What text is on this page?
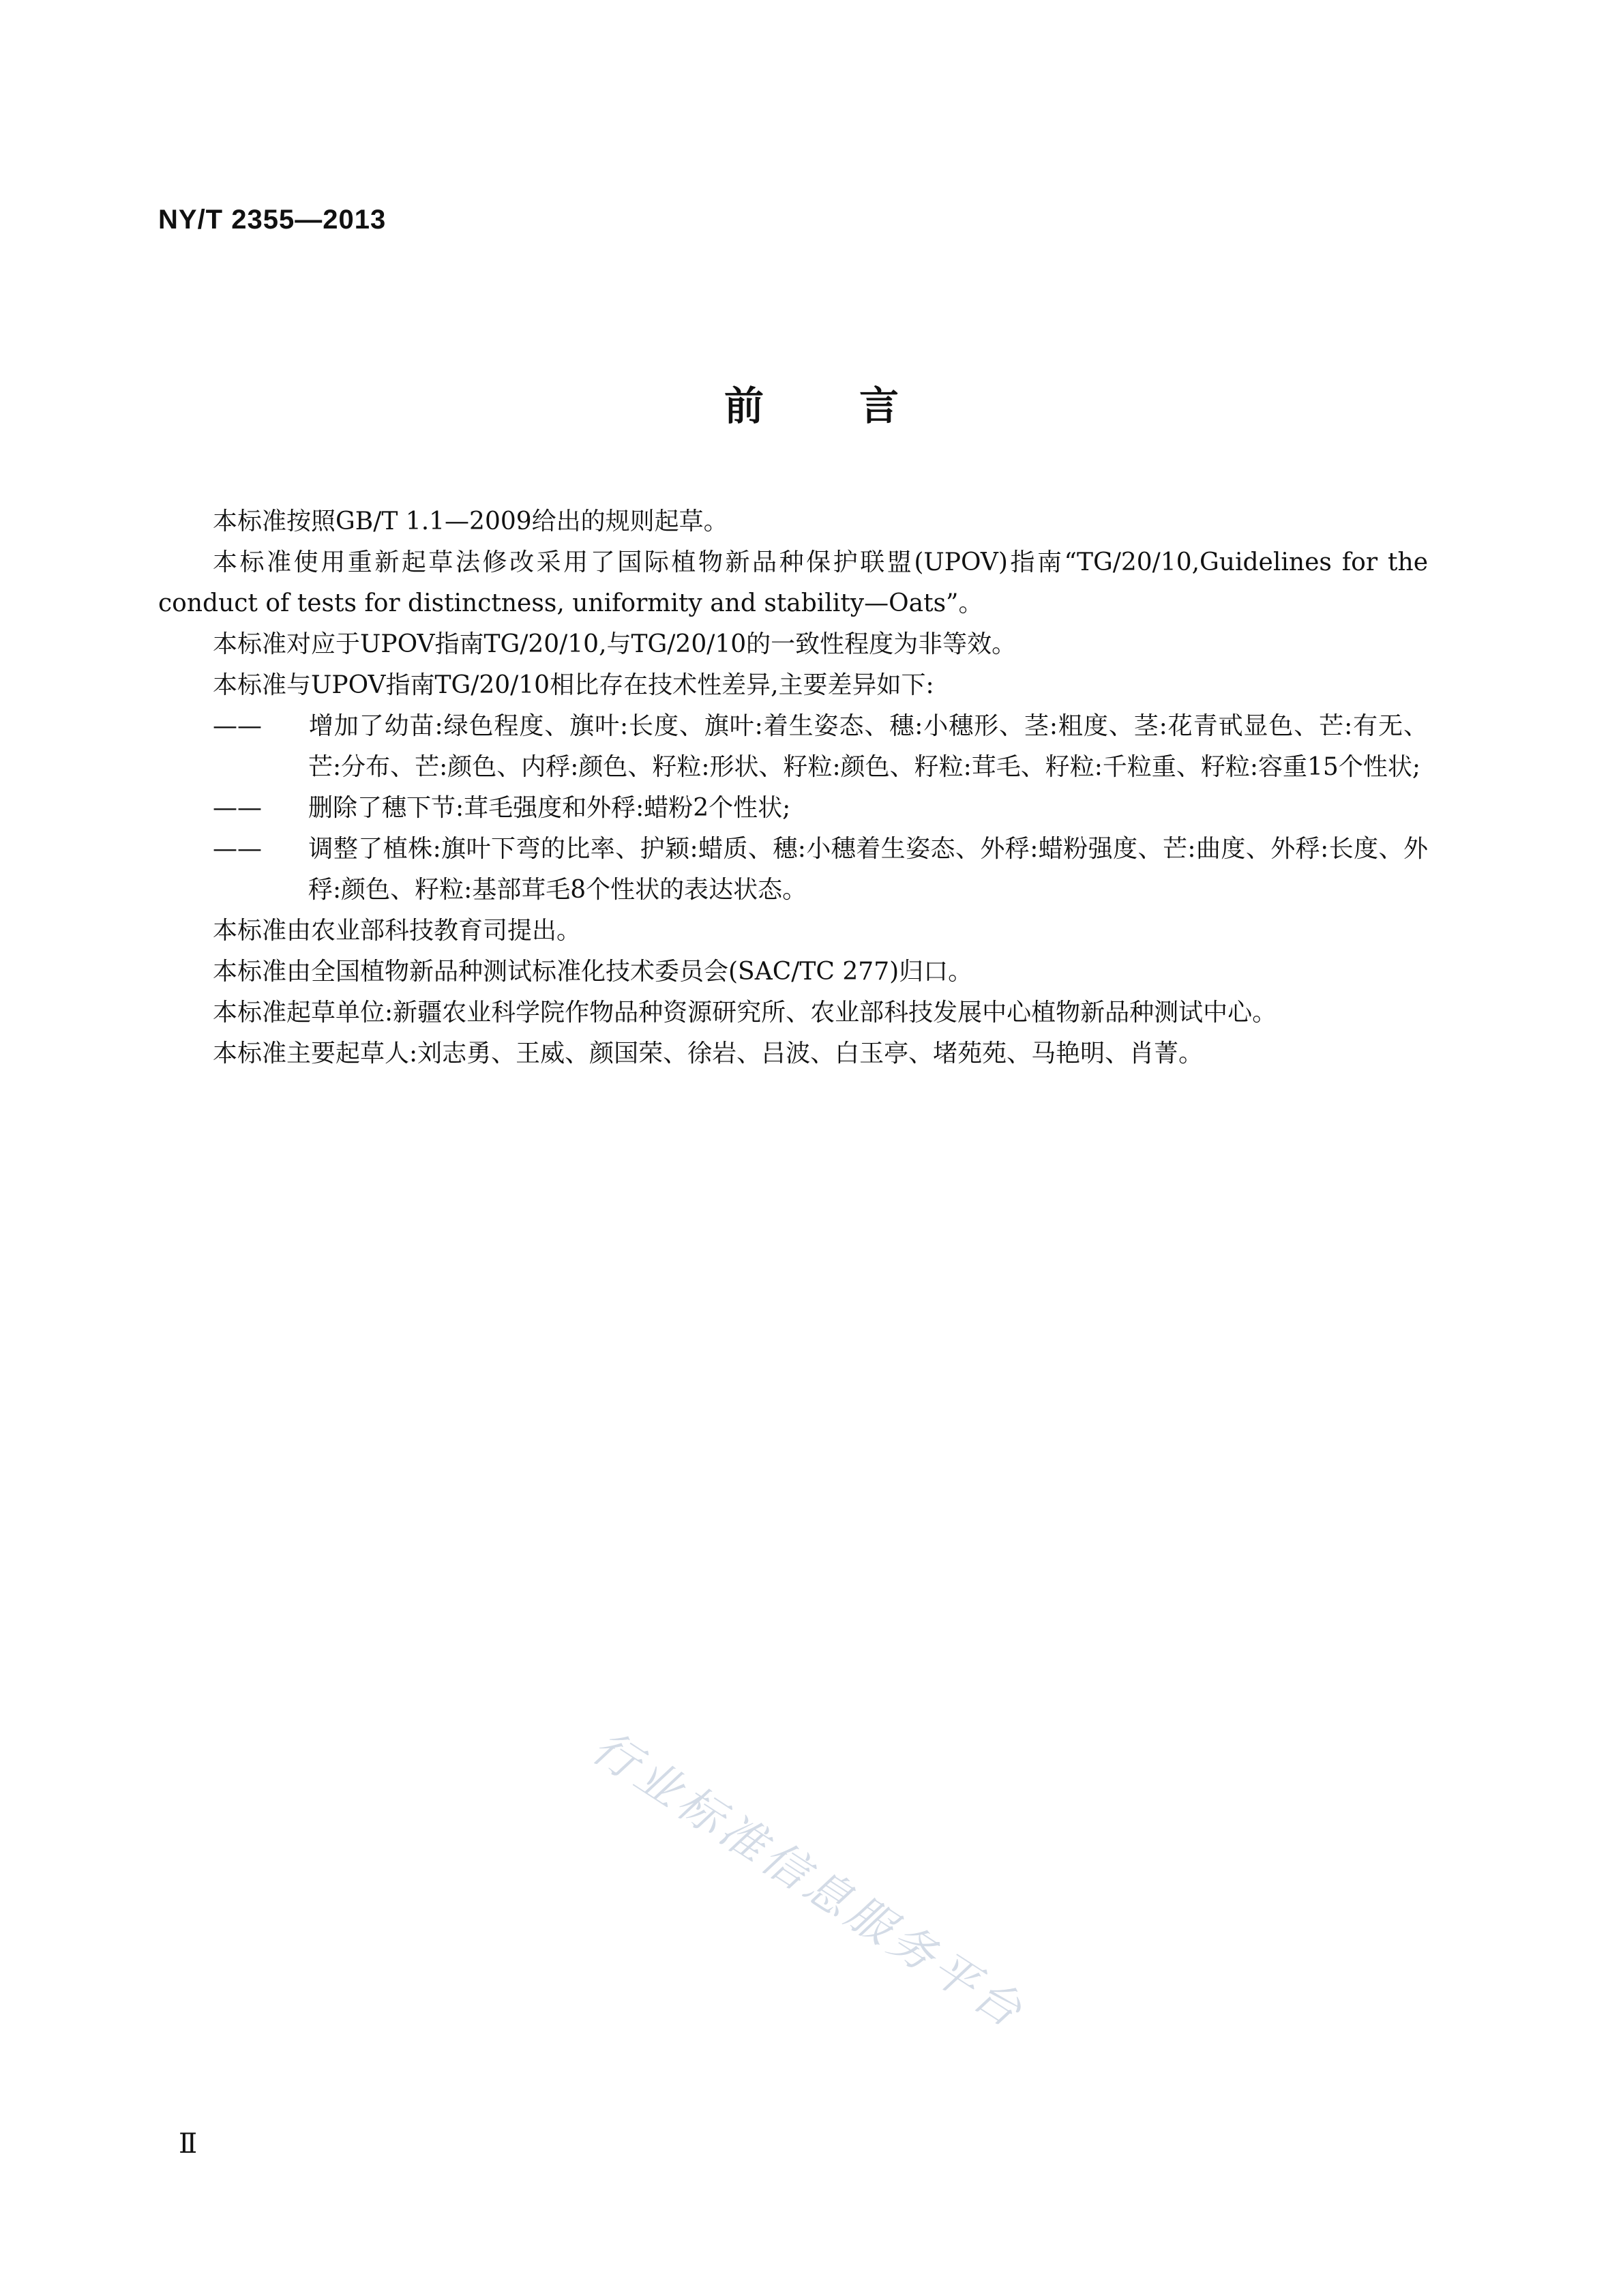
NY/T 2355—2013
前 言

本标准按照GB/T 1.1—2009给出的规则起草。

本标准使用重新起草法修改采用了国际植物新品种保护联盟(UPOV)指南“TG/20/10,Guidelines for the conduct of tests for distinctness, uniformity and stability—Oats”。

本标准对应于UPOV指南TG/20/10,与TG/20/10的一致性程度为非等效。

本标准与UPOV指南TG/20/10相比存在技术性差异,主要差异如下:

—— 增加了幼苗:绿色程度、旗叶:长度、旗叶:着生姿态、穗:小穗形、茎:粗度、茎:花青甙显色、芒:有无、芒:分布、芒:颜色、内稃:颜色、籽粒:形状、籽粒:颜色、籽粒:茸毛、籽粒:千粒重、籽粒:容重15个性状;

—— 删除了穗下节:茸毛强度和外稃:蜡粉2个性状;

—— 调整了植株:旗叶下弯的比率、护颖:蜡质、穗:小穗着生姿态、外稃:蜡粉强度、芒:曲度、外稃:长度、外稃:颜色、籽粒:基部茸毛8个性状的表达状态。

本标准由农业部科技教育司提出。

本标准由全国植物新品种测试标准化技术委员会(SAC/TC 277)归口。

本标准起草单位:新疆农业科学院作物品种资源研究所、农业部科技发展中心植物新品种测试中心。

本标准主要起草人:刘志勇、王威、颜国荣、徐岩、吕波、白玉亭、堵苑苑、马艳明、肖菁。

行业标准信息服务平台
Ⅱ
